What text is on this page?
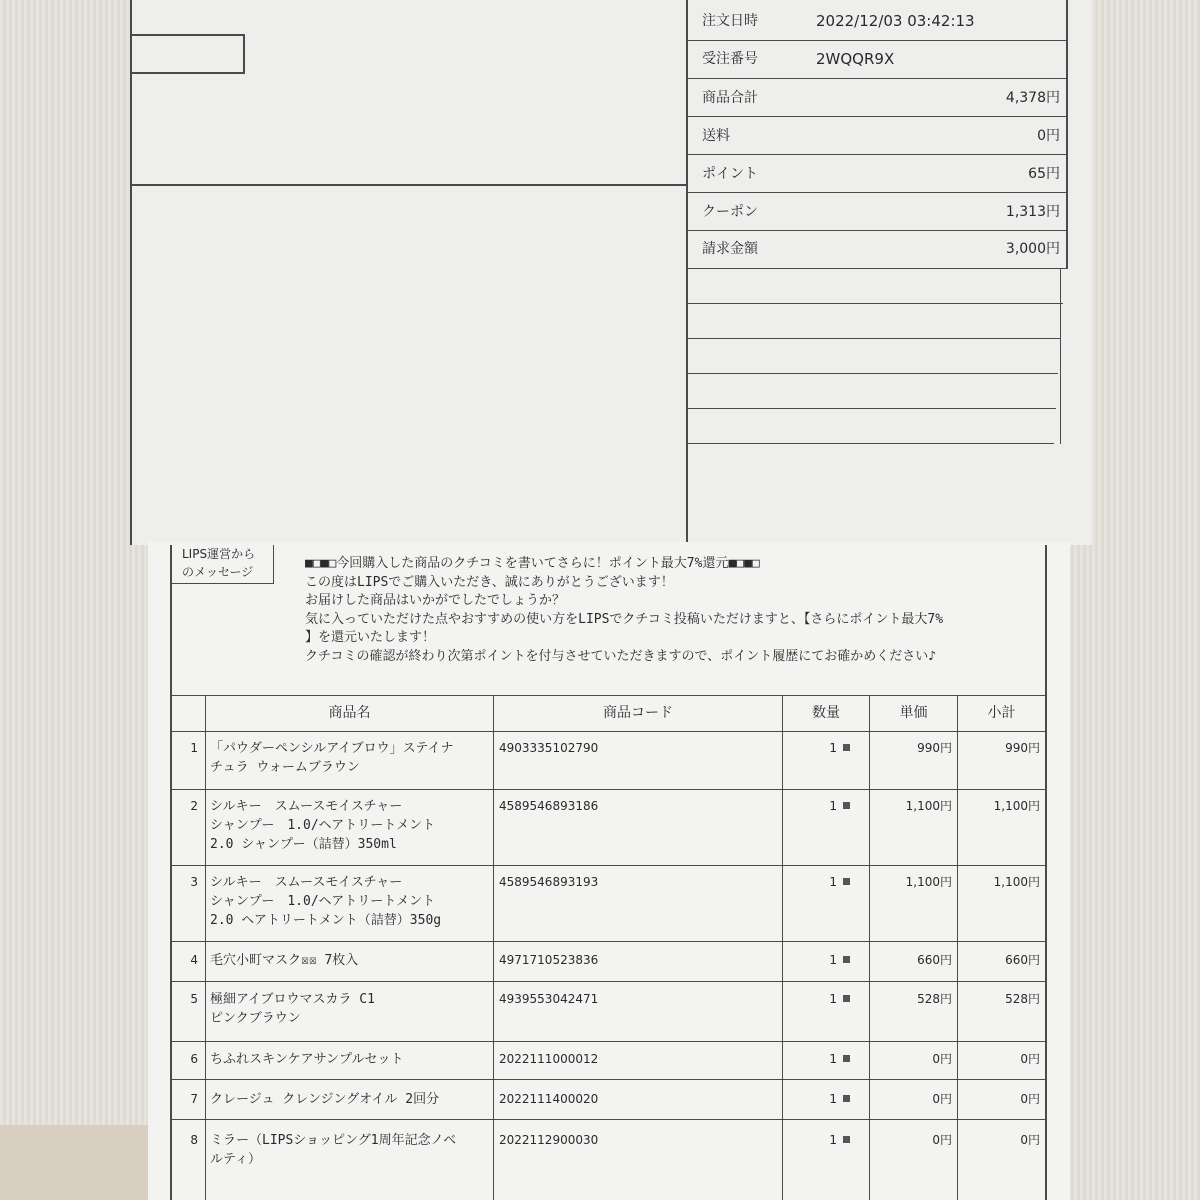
注文日時	2022/12/03 03:42:13
受注番号	2WQQR9X
商品合計	4,378円
送料	0円
ポイント	65円
クーポン	1,313円
請求金額	3,000円
LIPS運営から
のメッセージ
■□■□今回購入した商品のクチコミを書いてさらに！ポイント最大7%還元■□■□
この度はLIPSでご購入いただき、誠にありがとうございます！
お届けした商品はいかがでしたでしょうか？
気に入っていただけた点やおすすめの使い方をLIPSでクチコミ投稿いただけますと、【さらにポイント最大7%
】を還元いたします！
クチコミの確認が終わり次第ポイントを付与させていただきますので、ポイント履歴にてお確かめください♪
商品名	商品コード	数量	単価	小計
1 「パウダーペンシルアイブロウ」ステイナ
チュラ ウォームブラウン
4903335102790	1	990円	990円
2 シルキー　スムースモイスチャー
シャンプー　1.0/ヘアトリートメント
2.0 シャンプー（詰替）350ml
4589546893186	1	1,100円	1,100円
3 シルキー　スムースモイスチャー
シャンプー　1.0/ヘアトリートメント
2.0 ヘアトリートメント（詰替）350g
4589546893193	1	1,100円	1,100円
4 毛穴小町マスク☒☒ 7枚入	4971710523836	1	660円	660円
5 極細アイブロウマスカラ C1
ピンクブラウン
4939553042471	1	528円	528円
6 ちふれスキンケアサンプルセット	2022111000012	1	0円	0円
7 クレージュ クレンジングオイル 2回分	2022111400020	1	0円	0円
8 ミラー（LIPSショッピング1周年記念ノベ
ルティ）
2022112900030	1	0円	0円
